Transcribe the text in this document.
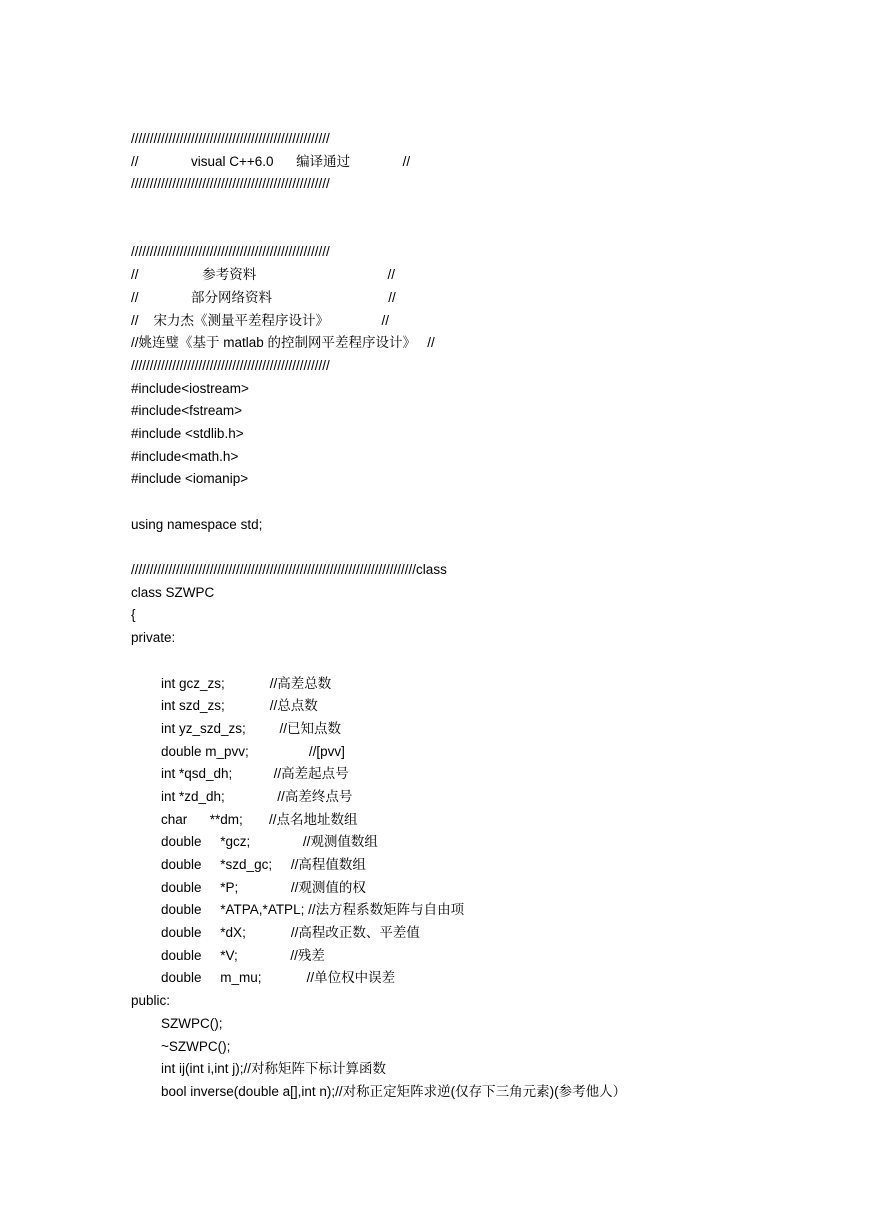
/////////////////////////////////////////////////////
//              visual C++6.0      编译通过              //
/////////////////////////////////////////////////////
/////////////////////////////////////////////////////
//                 参考资料                                   //
//              部分网络资料                               //
//    宋力杰《测量平差程序设计》              //
//姚连璧《基于 matlab 的控制网平差程序设计》   //
/////////////////////////////////////////////////////
#include<iostream>
#include<fstream>
#include <stdlib.h>
#include<math.h>
#include <iomanip>
using namespace std;
////////////////////////////////////////////////////////////////////////////class
class SZWPC
{
private:
int gcz_zs;            //高差总数
int szd_zs;            //总点数
int yz_szd_zs;         //已知点数
double m_pvv;                //[pvv]
int *qsd_dh;           //高差起点号
int *zd_dh;              //高差终点号
char      **dm;       //点名地址数组
double     *gcz;              //观测值数组
double     *szd_gc;     //高程值数组
double     *P;              //观测值的权
double     *ATPA,*ATPL; //法方程系数矩阵与自由项
double     *dX;            //高程改正数、平差值
double     *V;              //残差
double     m_mu;            //单位权中误差
public:
SZWPC();
~SZWPC();
int ij(int i,int j);//对称矩阵下标计算函数
bool inverse(double a[],int n);//对称正定矩阵求逆(仅存下三角元素)(参考他人）
